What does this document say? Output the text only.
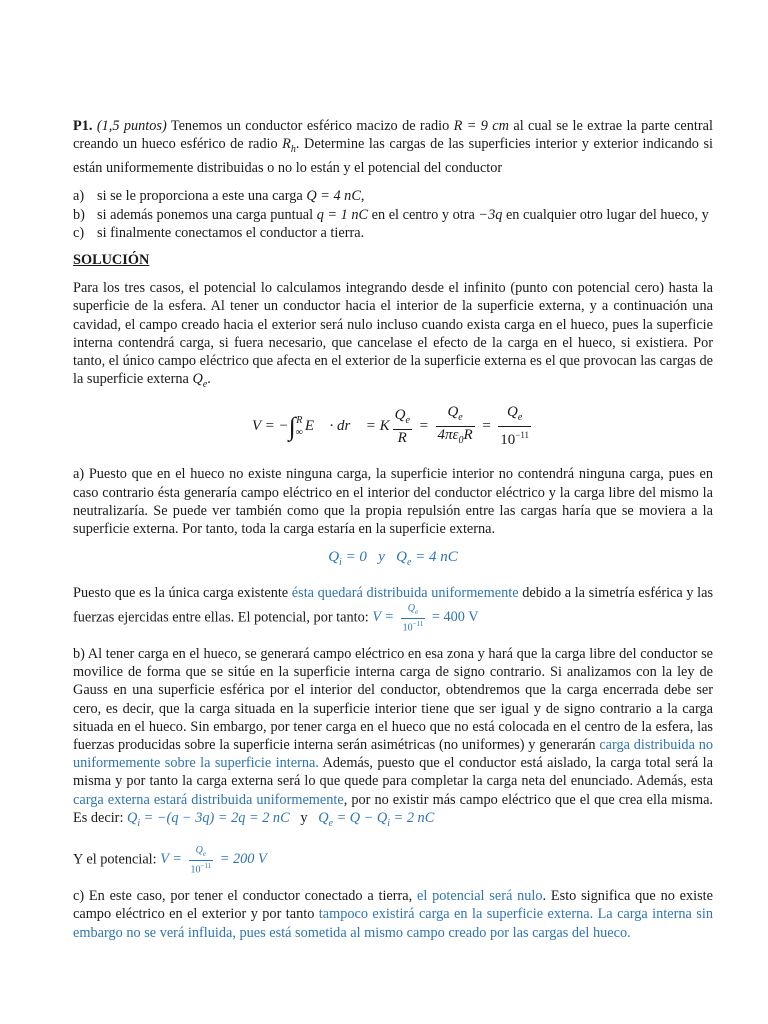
P1. (1,5 puntos) Tenemos un conductor esférico macizo de radio R = 9 cm al cual se le extrae la parte central creando un hueco esférico de radio $R_h$. Determine las cargas de las superficies interior y exterior indicando si están uniformemente distribuidas o no lo están y el potencial del conductor

a) si se le proporciona a este una carga Q = 4 nC,
b) si además ponemos una carga puntual q = 1 nC en el centro y otra −3q en cualquier otro lugar del hueco, y
c) si finalmente conectamos el conductor a tierra.
SOLUCIÓN

Para los tres casos, el potencial lo calculamos integrando desde el infinito (punto con potencial cero) hasta la superficie de la esfera. Al tener un conductor hacia el interior de la superficie externa, y a continuación una cavidad, el campo creado hacia el exterior será nulo incluso cuando exista carga en el hueco, pues la superficie interna contendrá carga, si fuera necesario, que cancelase el efecto de la carga en el hueco, si existiera. Por tanto, el único campo eléctrico que afecta en el exterior de la superficie externa es el que provocan las cargas de la superficie externa $Q_e$.

V = −∫ R
∞ E⃗ · dr⃗ = K $\frac{Q_e}{R} = \frac{Q_e}{4\pi\varepsilon_0R} = \frac{Q_e}{10^{-11}}$

a) Puesto que en el hueco no existe ninguna carga, la superficie interior no contendrá ninguna carga, pues en caso contrario ésta generaría campo eléctrico en el interior del conductor eléctrico y la carga libre del mismo la neutralizaría. Se puede ver también como que la propia repulsión entre las cargas haría que se moviera a la superficie externa. Por tanto, toda la carga estaría en la superficie externa.

$Q_i = 0$   y   $Q_e = 4$ nC

Puesto que es la única carga existente ésta quedará distribuida uniformemente debido a la simetría esférica y las fuerzas ejercidas entre ellas. El potencial, por tanto: $V = \frac{Q_e}{10^{-11}} = 400$ V

b) Al tener carga en el hueco, se generará campo eléctrico en esa zona y hará que la carga libre del conductor se movilice de forma que se sitúe en la superficie interna carga de signo contrario. Si analizamos con la ley de Gauss en una superficie esférica por el interior del conductor, obtendremos que la carga encerrada debe ser cero, es decir, que la carga situada en la superficie interior tiene que ser igual y de signo contrario a la carga situada en el hueco. Sin embargo, por tener carga en el hueco que no está colocada en el centro de la esfera, las fuerzas producidas sobre la superficie interna serán asimétricas (no uniformes) y generarán carga distribuida no uniformemente sobre la superficie interna. Además, puesto que el conductor está aislado, la carga total será la misma y por tanto la carga externa será lo que quede para completar la carga neta del enunciado. Además, esta carga externa estará distribuida uniformemente, por no existir más campo eléctrico que el que crea ella misma. Es decir: $Q_i = -(q - 3q) = 2q = 2$ nC   y   $Q_e = Q - Q_i = 2$ nC

Y el potencial: $V = \frac{Q_e}{10^{-11}} = 200$ V

c) En este caso, por tener el conductor conectado a tierra, el potencial será nulo. Esto significa que no existe campo eléctrico en el exterior y por tanto tampoco existirá carga en la superficie externa. La carga interna sin embargo no se verá influida, pues está sometida al mismo campo creado por las cargas del hueco.
